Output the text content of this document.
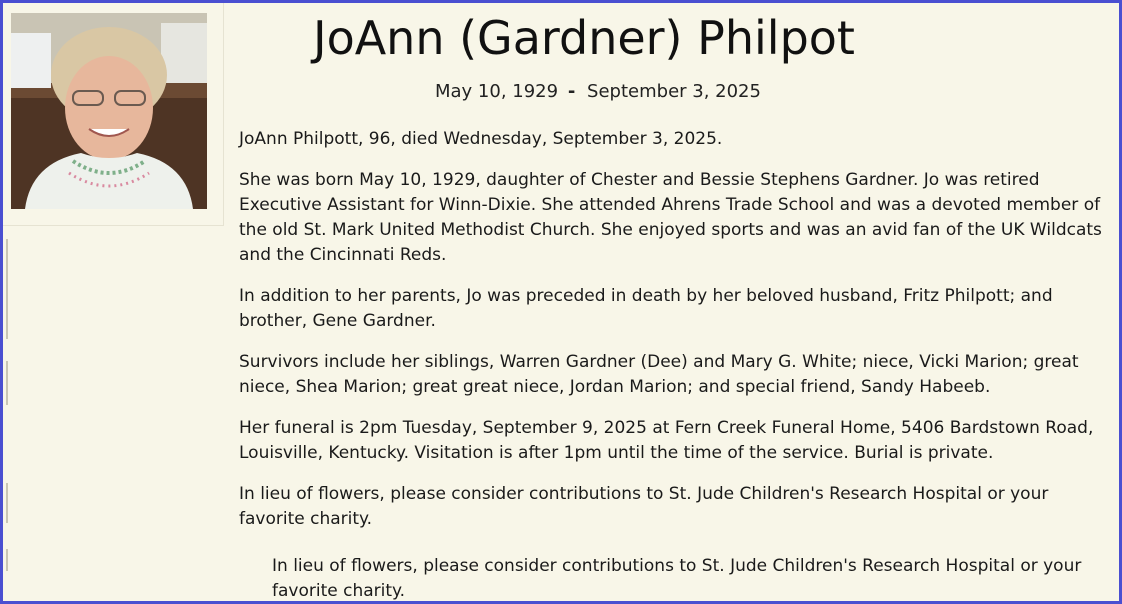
JoAnn (Gardner) Philpot
May 10, 1929 - September 3, 2025

JoAnn Philpott, 96, died Wednesday, September 3, 2025.

She was born May 10, 1929, daughter of Chester and Bessie Stephens Gardner. Jo was retired Executive Assistant for Winn-Dixie. She attended Ahrens Trade School and was a devoted member of the old St. Mark United Methodist Church. She enjoyed sports and was an avid fan of the UK Wildcats and the Cincinnati Reds.

In addition to her parents, Jo was preceded in death by her beloved husband, Fritz Philpott; and brother, Gene Gardner.

Survivors include her siblings, Warren Gardner (Dee) and Mary G. White; niece, Vicki Marion; great niece, Shea Marion; great great niece, Jordan Marion; and special friend, Sandy Habeeb.

Her funeral is 2pm Tuesday, September 9, 2025 at Fern Creek Funeral Home, 5406 Bardstown Road, Louisville, Kentucky. Visitation is after 1pm until the time of the service. Burial is private.

In lieu of flowers, please consider contributions to St. Jude Children's Research Hospital or your favorite charity.

In lieu of flowers, please consider contributions to St. Jude Children's Research Hospital or your favorite charity.
